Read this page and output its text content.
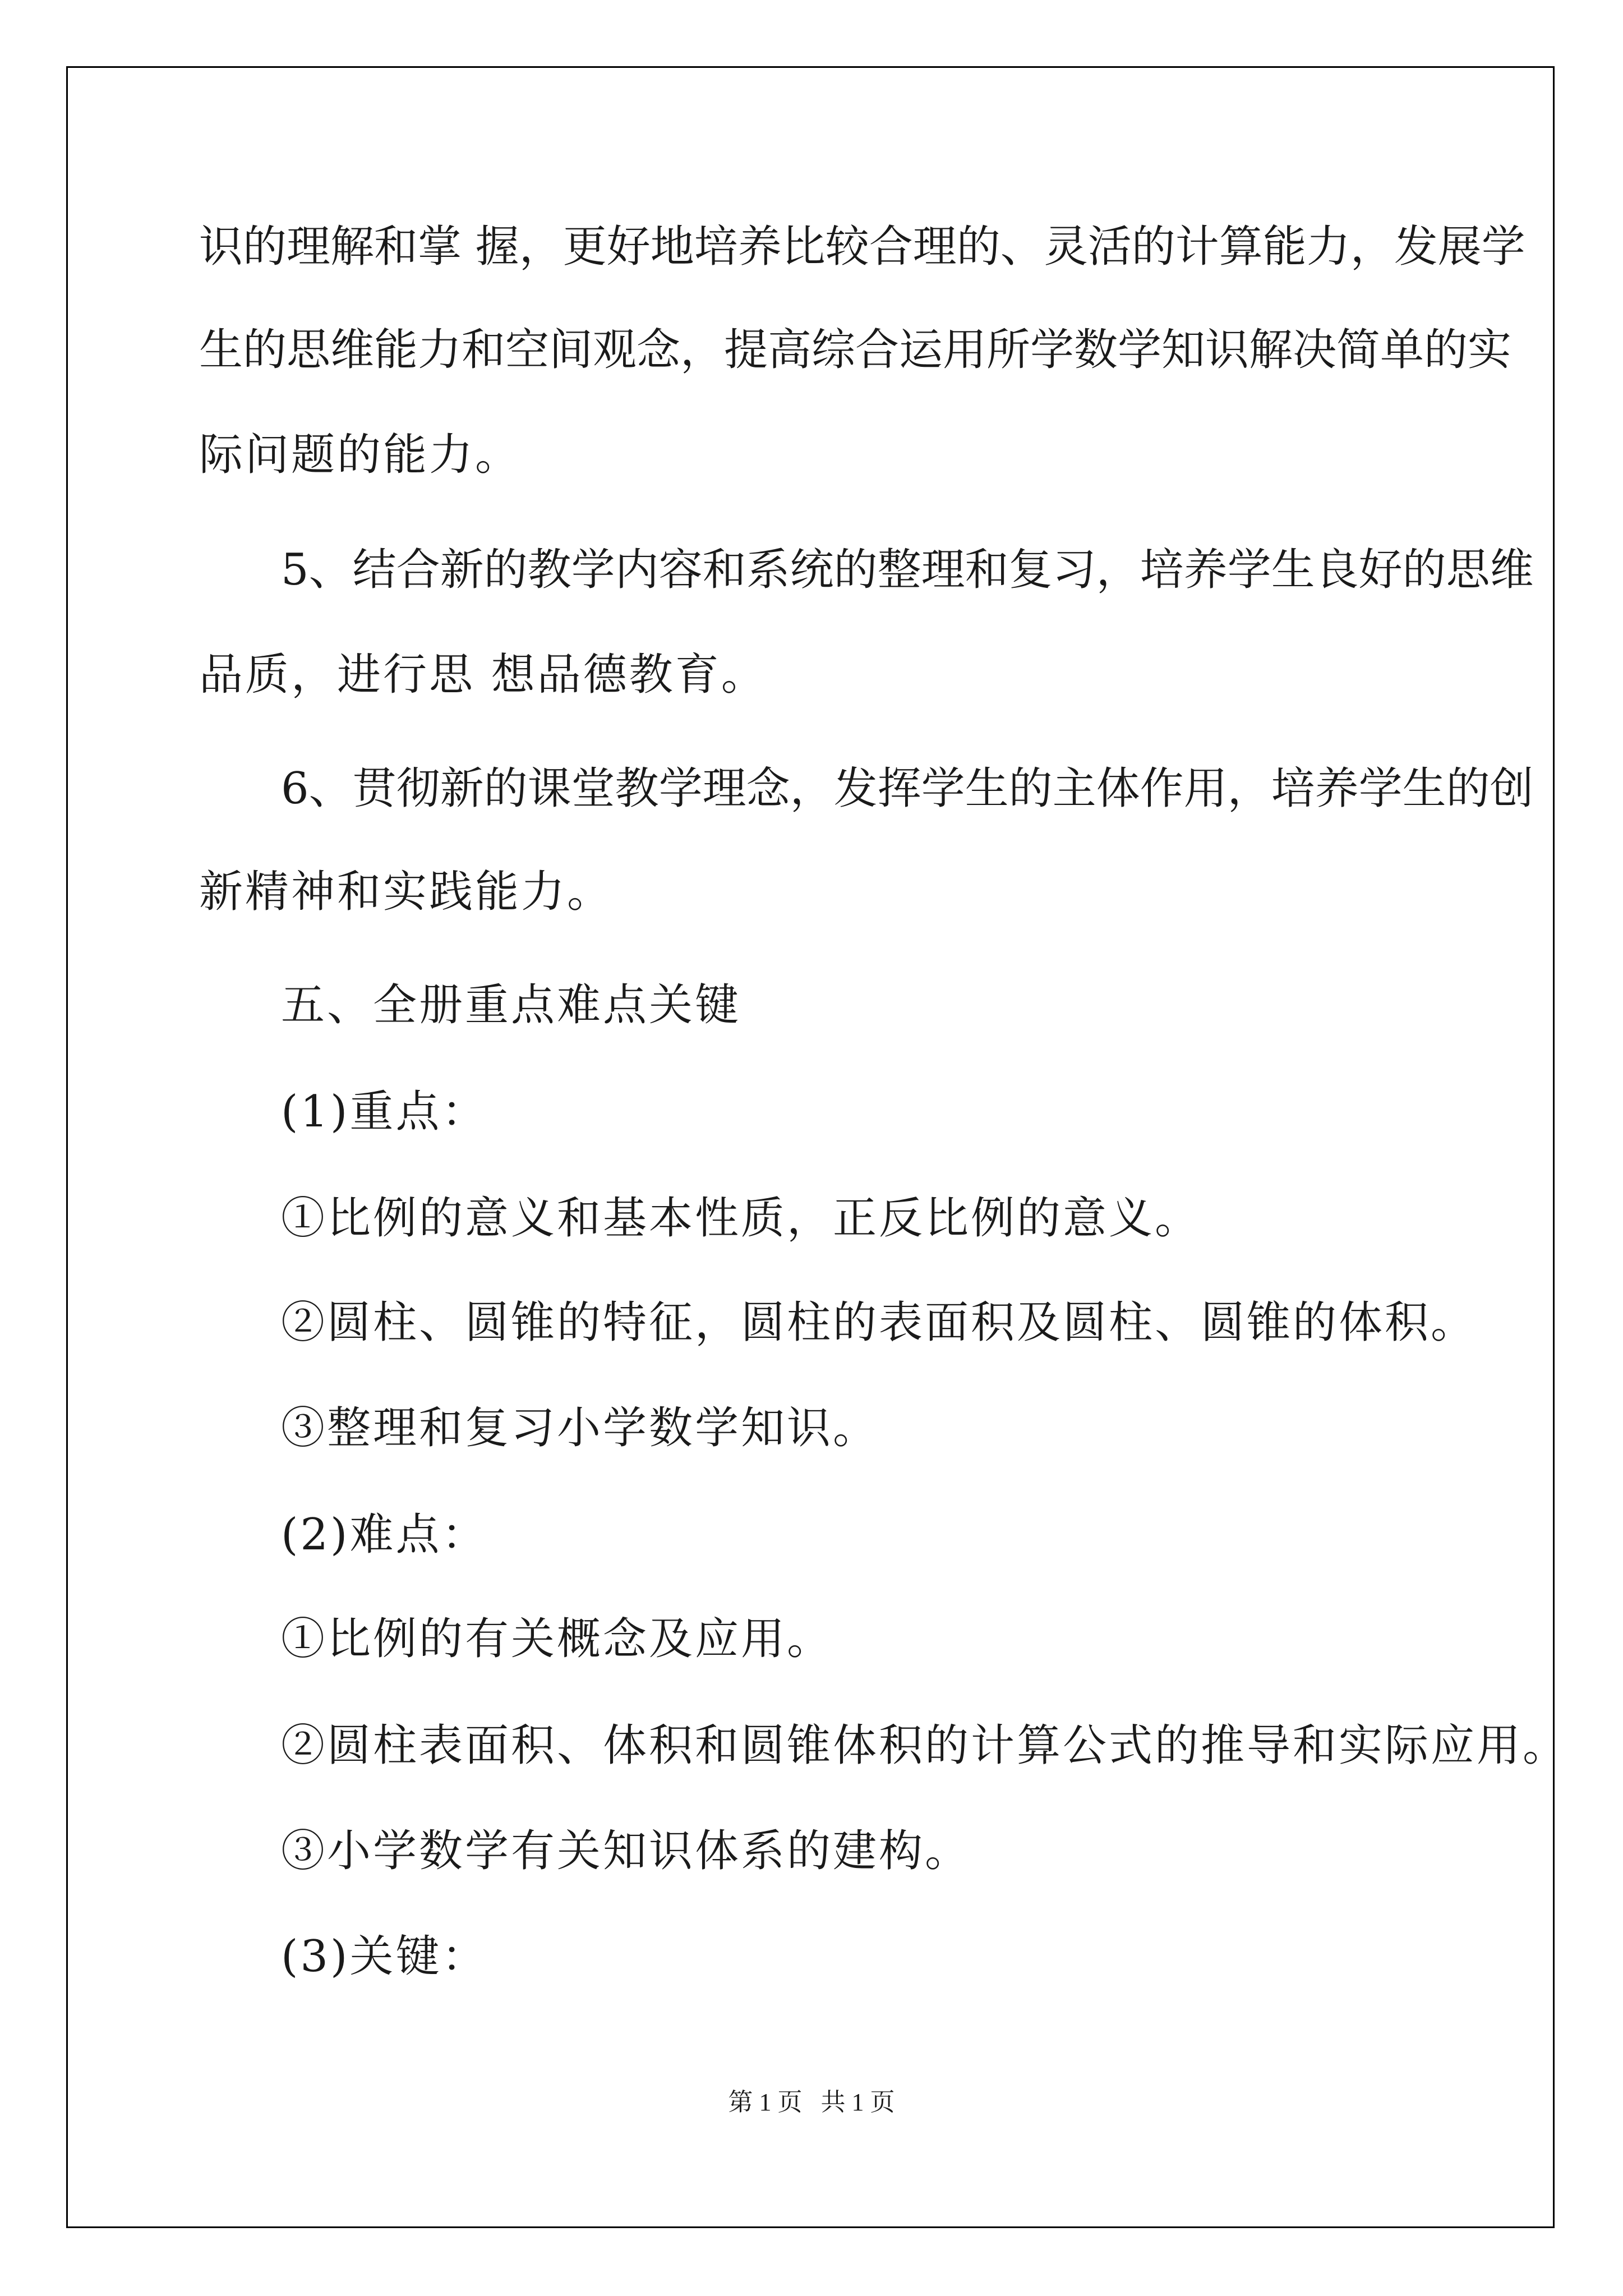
识的理解和掌 握，更好地培养比较合理的、灵活的计算能力，发展学
生的思维能力和空间观念，提高综合运用所学数学知识解决简单的实
际问题的能力。
5、结合新的教学内容和系统的整理和复习，培养学生良好的思维
品质，进行思 想品德教育。
6、贯彻新的课堂教学理念，发挥学生的主体作用，培养学生的创
新精神和实践能力。
五、全册重点难点关键
(1)重点：
①比例的意义和基本性质，正反比例的意义。
②圆柱、圆锥的特征，圆柱的表面积及圆柱、圆锥的体积。
③整理和复习小学数学知识。
(2)难点：
①比例的有关概念及应用。
②圆柱表面积、体积和圆锥体积的计算公式的推导和实际应用。
③小学数学有关知识体系的建构。
(3)关键：
第 1 页   共 1 页
